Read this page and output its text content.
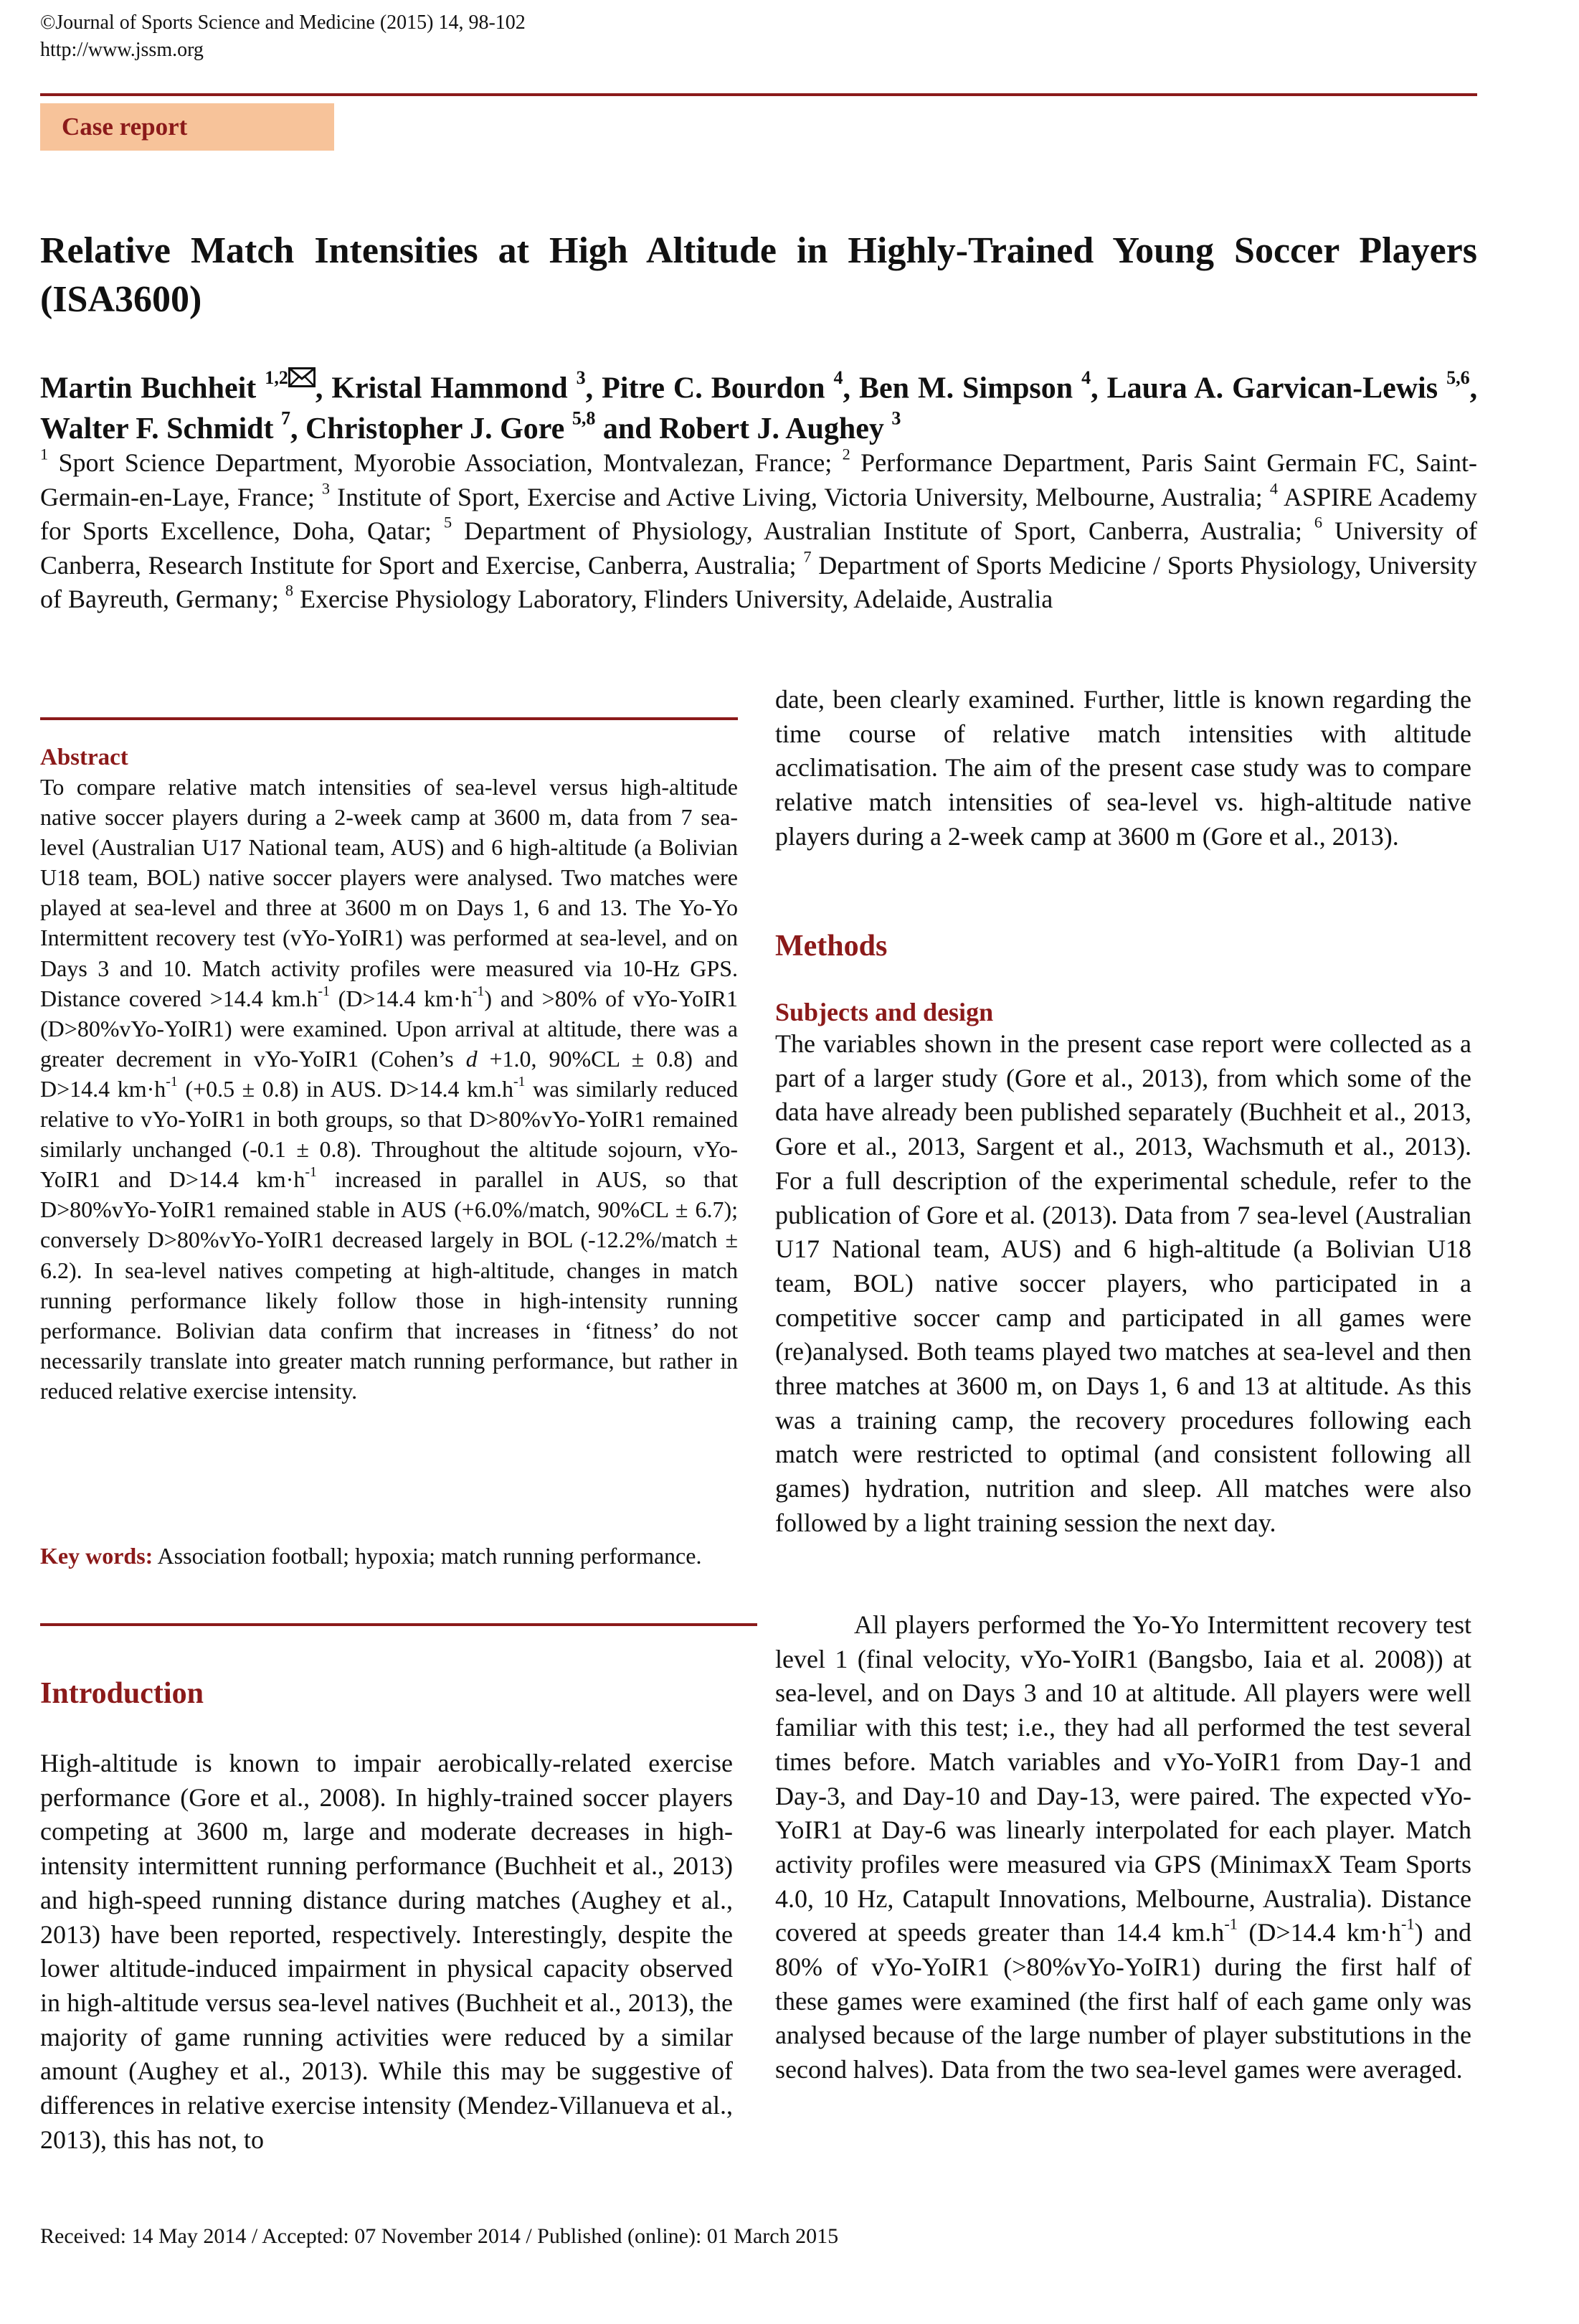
©Journal of Sports Science and Medicine (2015) 14, 98-102
http://www.jssm.org
Case report
Relative Match Intensities at High Altitude in Highly-Trained Young Soccer Players (ISA3600)
Martin Buchheit $^{1,2}$ , Kristal Hammond $^3$, Pitre C. Bourdon $^4$, Ben M. Simpson $^4$, Laura A. Garvican-Lewis $^{5,6}$, Walter F. Schmidt $^7$, Christopher J. Gore $^{5,8}$ and Robert J. Aughey $^3$
$^1$ Sport Science Department, Myorobie Association, Montvalezan, France; $^2$ Performance Department, Paris Saint Germain FC, Saint-Germain-en-Laye, France; $^3$ Institute of Sport, Exercise and Active Living, Victoria University, Melbourne, Australia; $^4$ ASPIRE Academy for Sports Excellence, Doha, Qatar; $^5$ Department of Physiology, Australian Institute of Sport, Canberra, Australia; $^6$ University of Canberra, Research Institute for Sport and Exercise, Canberra, Australia; $^7$ Department of Sports Medicine / Sports Physiology, University of Bayreuth, Germany; $^8$ Exercise Physiology Laboratory, Flinders University, Adelaide, Australia
Abstract
To compare relative match intensities of sea-level versus high-altitude native soccer players during a 2-week camp at 3600 m, data from 7 sea-level (Australian U17 National team, AUS) and 6 high-altitude (a Bolivian U18 team, BOL) native soccer players were analysed. Two matches were played at sea-level and three at 3600 m on Days 1, 6 and 13. The Yo-Yo Intermittent recovery test (vYo-YoIR1) was performed at sea-level, and on Days 3 and 10. Match activity profiles were measured via 10-Hz GPS. Distance covered >14.4 $km.h^{-1}$ (D>14.4 $km\cdot h^{-1}$) and >80% of vYo-YoIR1 (D>80%vYo-YoIR1) were examined. Upon arrival at altitude, there was a greater decrement in vYo-YoIR1 (Cohen’s d +1.0, 90%CL ± 0.8) and D>14.4 $km\cdot h^{-1}$ (+0.5 ± 0.8) in AUS. D>14.4 $km.h^{-1}$ was similarly reduced relative to vYo-YoIR1 in both groups, so that D>80%vYo-YoIR1 remained similarly unchanged (-0.1 ± 0.8). Throughout the altitude sojourn, vYo-YoIR1 and D>14.4 $km\cdot h^{-1}$ increased in parallel in AUS, so that D>80%vYo-YoIR1 remained stable in AUS (+6.0%/match, 90%CL ± 6.7); conversely D>80%vYo-YoIR1 decreased largely in BOL (-12.2%/match ± 6.2). In sea-level natives competing at high-altitude, changes in match running performance likely follow those in high-intensity running performance. Bolivian data confirm that increases in ‘fitness’ do not necessarily translate into greater match running performance, but rather in reduced relative exercise intensity.
Key words: Association football; hypoxia; match running performance.
Introduction
High-altitude is known to impair aerobically-related exercise performance (Gore et al., 2008). In highly-trained soccer players competing at 3600 m, large and moderate decreases in high-intensity intermittent running performance (Buchheit et al., 2013) and high-speed running distance during matches (Aughey et al., 2013) have been reported, respectively. Interestingly, despite the lower altitude-induced impairment in physical capacity observed in high-altitude versus sea-level natives (Buchheit et al., 2013), the majority of game running activities were reduced by a similar amount (Aughey et al., 2013). While this may be suggestive of differences in relative exercise intensity (Mendez-Villanueva et al., 2013), this has not, to
date, been clearly examined. Further, little is known regarding the time course of relative match intensities with altitude acclimatisation. The aim of the present case study was to compare relative match intensities of sea-level vs. high-altitude native players during a 2-week camp at 3600 m (Gore et al., 2013).
Methods
Subjects and design
The variables shown in the present case report were collected as a part of a larger study (Gore et al., 2013), from which some of the data have already been published separately (Buchheit et al., 2013, Gore et al., 2013, Sargent et al., 2013, Wachsmuth et al., 2013). For a full description of the experimental schedule, refer to the publication of Gore et al. (2013). Data from 7 sea-level (Australian U17 National team, AUS) and 6 high-altitude (a Bolivian U18 team, BOL) native soccer players, who participated in a competitive soccer camp and participated in all games were (re)analysed. Both teams played two matches at sea-level and then three matches at 3600 m, on Days 1, 6 and 13 at altitude. As this was a training camp, the recovery procedures following each match were restricted to optimal (and consistent following all games) hydration, nutrition and sleep. All matches were also followed by a light training session the next day.
All players performed the Yo-Yo Intermittent recovery test level 1 (final velocity, vYo-YoIR1 (Bangsbo, Iaia et al. 2008)) at sea-level, and on Days 3 and 10 at altitude. All players were well familiar with this test; i.e., they had all performed the test several times before. Match variables and vYo-YoIR1 from Day-1 and Day-3, and Day-10 and Day-13, were paired. The expected vYo-YoIR1 at Day-6 was linearly interpolated for each player. Match activity profiles were measured via GPS (MinimaxX Team Sports 4.0, 10 Hz, Catapult Innovations, Melbourne, Australia). Distance covered at speeds greater than 14.4 $km.h^{-1}$ (D>14.4 $km\cdot h^{-1}$) and 80% of vYo-YoIR1 (>80%vYo-YoIR1) during the first half of these games were examined (the first half of each game only was analysed because of the large number of player substitutions in the second halves). Data from the two sea-level games were averaged.
Received: 14 May 2014 / Accepted: 07 November 2014 / Published (online): 01 March 2015
